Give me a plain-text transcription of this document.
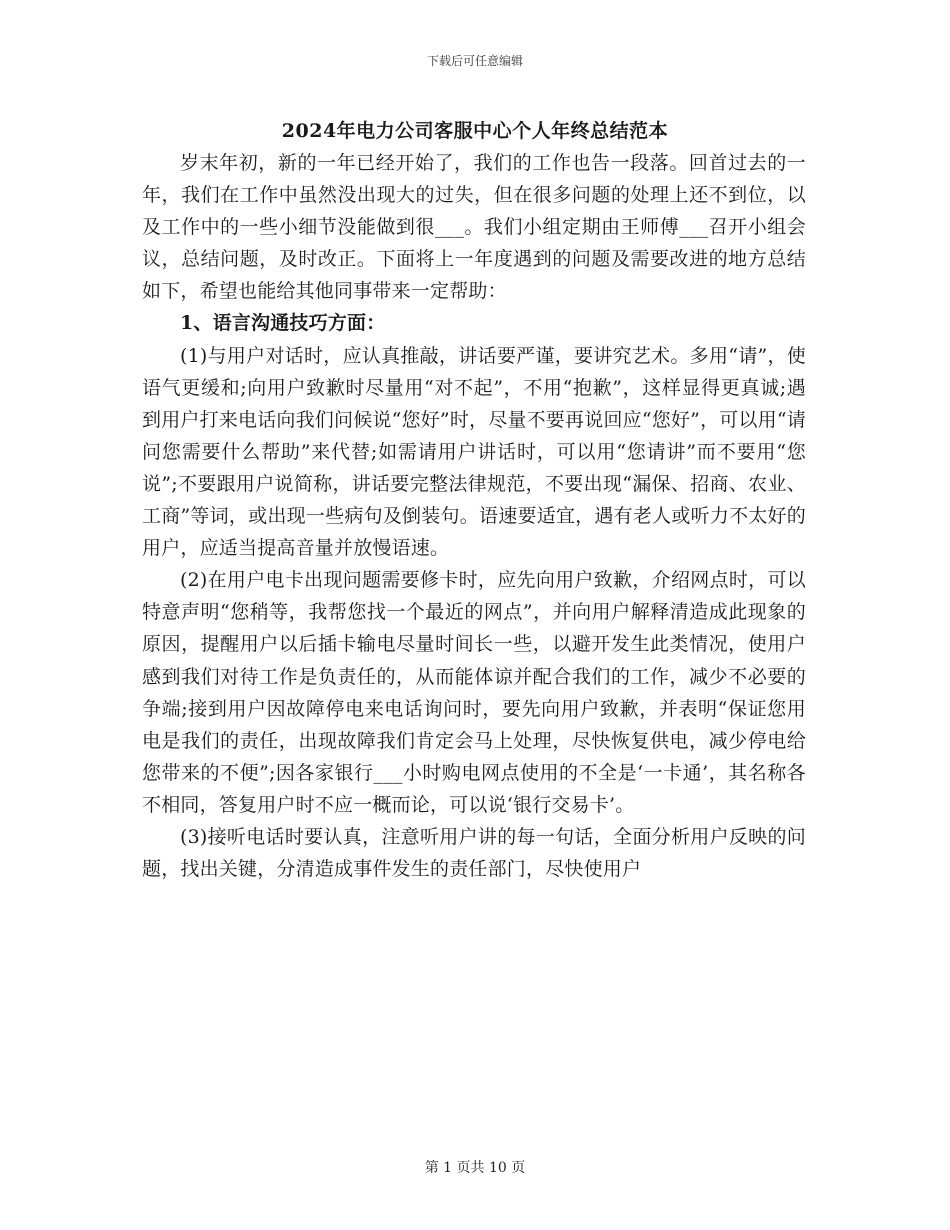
下载后可任意编辑
2024年电力公司客服中心个人年终总结范本

岁末年初，新的一年已经开始了，我们的工作也告一段落。回首过去的一年，我们在工作中虽然没出现大的过失，但在很多问题的处理上还不到位，以及工作中的一些小细节没能做到很___。我们小组定期由王师傅___召开小组会议，总结问题，及时改正。下面将上一年度遇到的问题及需要改进的地方总结如下，希望也能给其他同事带来一定帮助：

1、语言沟通技巧方面：

(1)与用户对话时，应认真推敲，讲话要严谨，要讲究艺术。多用“请”，使语气更缓和;向用户致歉时尽量用“对不起”，不用“抱歉”，这样显得更真诚;遇到用户打来电话向我们问候说“您好”时，尽量不要再说回应“您好”，可以用“请问您需要什么帮助”来代替;如需请用户讲话时，可以用“您请讲”而不要用“您说”;不要跟用户说简称，讲话要完整法律规范，不要出现“漏保、招商、农业、工商”等词，或出现一些病句及倒装句。语速要适宜，遇有老人或听力不太好的用户，应适当提高音量并放慢语速。

(2)在用户电卡出现问题需要修卡时，应先向用户致歉，介绍网点时，可以特意声明“您稍等，我帮您找一个最近的网点”，并向用户解释清造成此现象的原因，提醒用户以后插卡输电尽量时间长一些，以避开发生此类情况，使用户感到我们对待工作是负责任的，从而能体谅并配合我们的工作，减少不必要的争端;接到用户因故障停电来电话询问时，要先向用户致歉，并表明“保证您用电是我们的责任，出现故障我们肯定会马上处理，尽快恢复供电，减少停电给您带来的不便”;因各家银行___小时购电网点使用的不全是‘一卡通’，其名称各不相同，答复用户时不应一概而论，可以说‘银行交易卡’。

(3)接听电话时要认真，注意听用户讲的每一句话，全面分析用户反映的问题，找出关键，分清造成事件发生的责任部门，尽快使用户

第 1 页共 10 页
